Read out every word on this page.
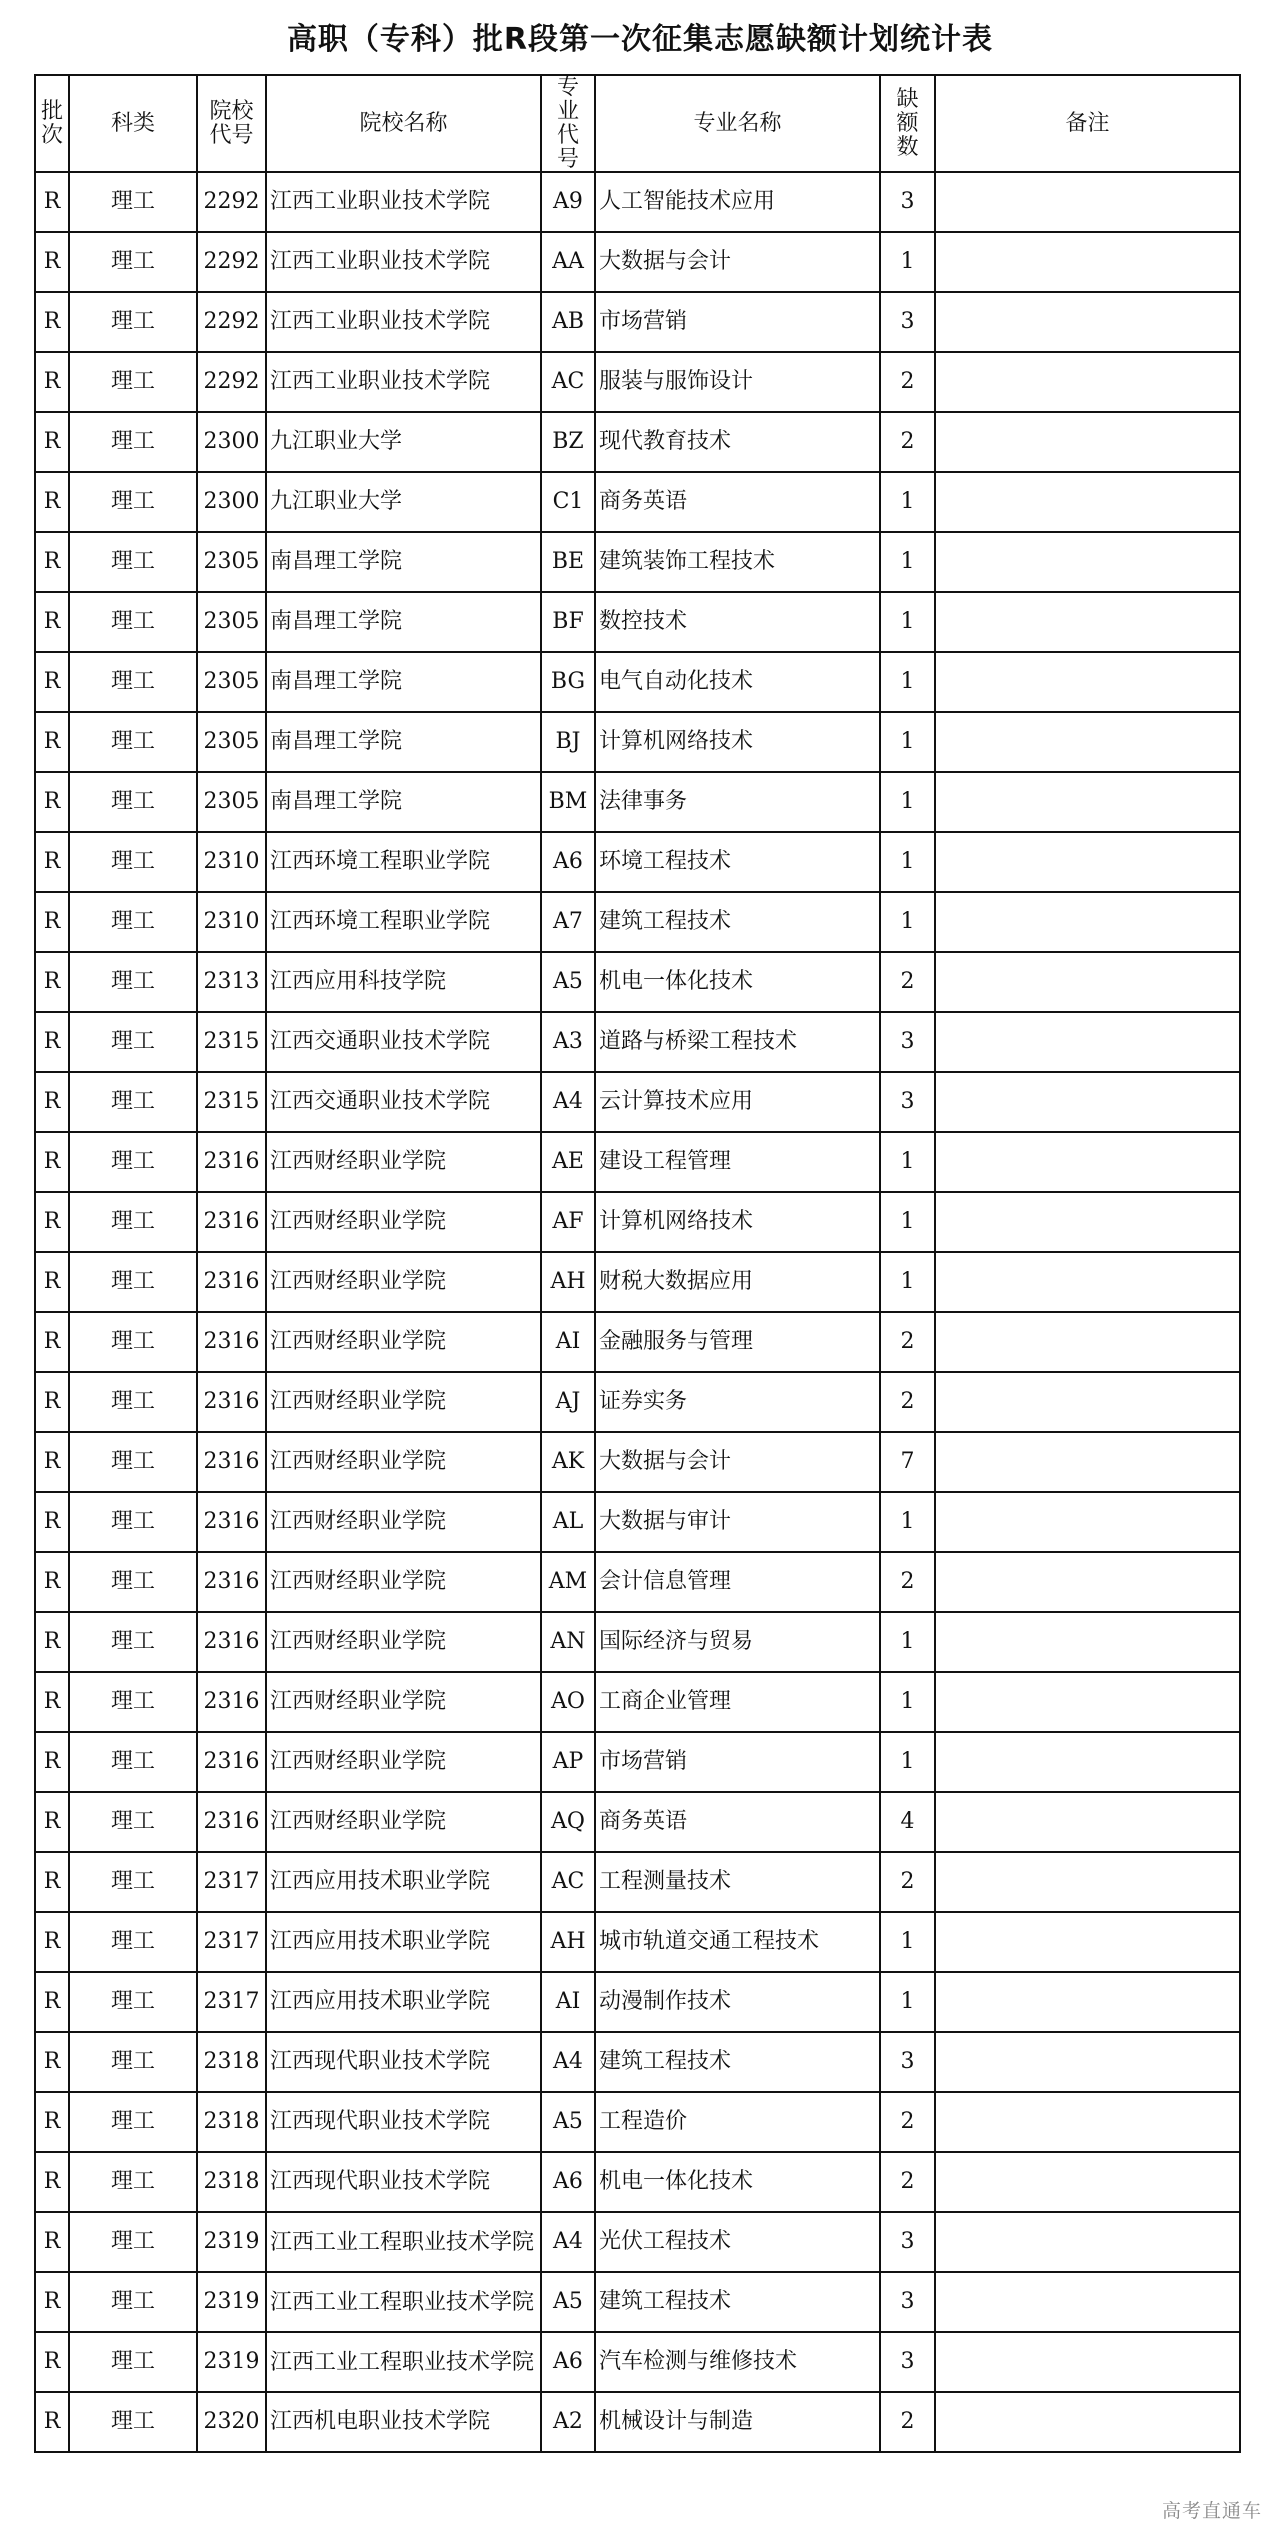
高职（专科）批R段第一次征集志愿缺额计划统计表
批次	科类	院校代号	院校名称	专业代号	专业名称	缺额数	备注
R	理工	2292	江西工业职业技术学院	A9	人工智能技术应用	3	
R	理工	2292	江西工业职业技术学院	AA	大数据与会计	1	
R	理工	2292	江西工业职业技术学院	AB	市场营销	3	
R	理工	2292	江西工业职业技术学院	AC	服装与服饰设计	2	
R	理工	2300	九江职业大学	BZ	现代教育技术	2	
R	理工	2300	九江职业大学	C1	商务英语	1	
R	理工	2305	南昌理工学院	BE	建筑装饰工程技术	1	
R	理工	2305	南昌理工学院	BF	数控技术	1	
R	理工	2305	南昌理工学院	BG	电气自动化技术	1	
R	理工	2305	南昌理工学院	BJ	计算机网络技术	1	
R	理工	2305	南昌理工学院	BM	法律事务	1	
R	理工	2310	江西环境工程职业学院	A6	环境工程技术	1	
R	理工	2310	江西环境工程职业学院	A7	建筑工程技术	1	
R	理工	2313	江西应用科技学院	A5	机电一体化技术	2	
R	理工	2315	江西交通职业技术学院	A3	道路与桥梁工程技术	3	
R	理工	2315	江西交通职业技术学院	A4	云计算技术应用	3	
R	理工	2316	江西财经职业学院	AE	建设工程管理	1	
R	理工	2316	江西财经职业学院	AF	计算机网络技术	1	
R	理工	2316	江西财经职业学院	AH	财税大数据应用	1	
R	理工	2316	江西财经职业学院	AI	金融服务与管理	2	
R	理工	2316	江西财经职业学院	AJ	证券实务	2	
R	理工	2316	江西财经职业学院	AK	大数据与会计	7	
R	理工	2316	江西财经职业学院	AL	大数据与审计	1	
R	理工	2316	江西财经职业学院	AM	会计信息管理	2	
R	理工	2316	江西财经职业学院	AN	国际经济与贸易	1	
R	理工	2316	江西财经职业学院	AO	工商企业管理	1	
R	理工	2316	江西财经职业学院	AP	市场营销	1	
R	理工	2316	江西财经职业学院	AQ	商务英语	4	
R	理工	2317	江西应用技术职业学院	AC	工程测量技术	2	
R	理工	2317	江西应用技术职业学院	AH	城市轨道交通工程技术	1	
R	理工	2317	江西应用技术职业学院	AI	动漫制作技术	1	
R	理工	2318	江西现代职业技术学院	A4	建筑工程技术	3	
R	理工	2318	江西现代职业技术学院	A5	工程造价	2	
R	理工	2318	江西现代职业技术学院	A6	机电一体化技术	2	
R	理工	2319	江西工业工程职业技术学院	A4	光伏工程技术	3	
R	理工	2319	江西工业工程职业技术学院	A5	建筑工程技术	3	
R	理工	2319	江西工业工程职业技术学院	A6	汽车检测与维修技术	3	
R	理工	2320	江西机电职业技术学院	A2	机械设计与制造	2	
高考直通车
